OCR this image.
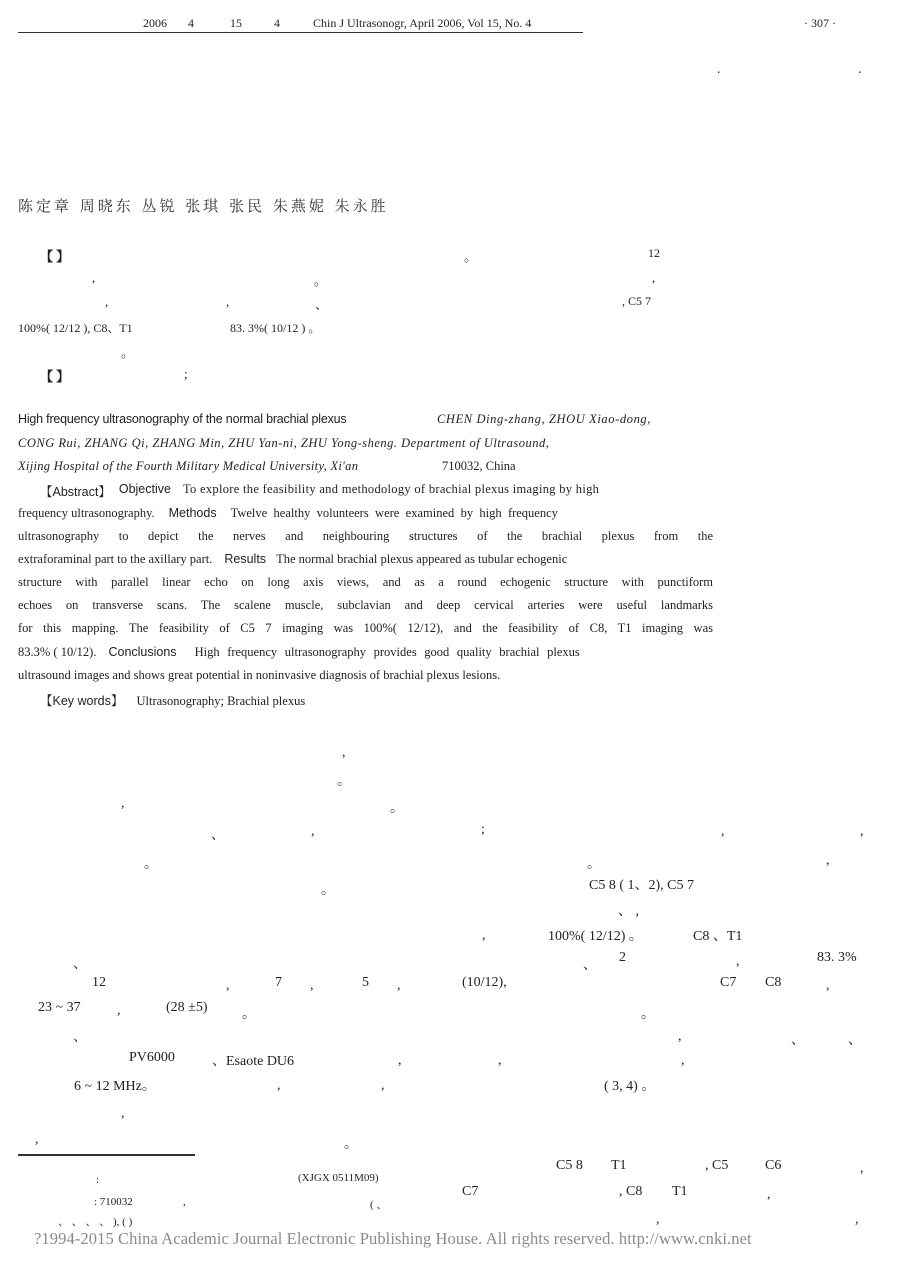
2006 4	15	4	Chin J Ultrasonogr, April 2006, Vol 15, No. 4	· 307 ·
.	.
陈定章 周晓东 丛锐 张琪 张民 朱燕妮 朱永胜
【 】	。	12
,	。	,
,	,	、	, C5 7
100%( 12/12 ), C8、T1	83. 3%( 10/12 ) 。
。
【 】	;
High frequency ultrasonography of the normal brachial plexus	CHEN Ding-zhang, ZHOU Xiao-dong,
CONG Rui, ZHANG Qi, ZHANG Min, ZHU Yan-ni, ZHU Yong-sheng. Department of Ultrasound,
Xijing Hospital of the Fourth Military Medical University, Xi'an	710032, China
【Abstract】 Objective To explore the feasibility and methodology of brachial plexus imaging by high
frequency ultrasonography. Methods Twelve healthy volunteers were examined by high frequency
ultrasonography to depict the nerves and neighbouring structures of the brachial plexus from the
extraforaminal part to the axillary part. Results The normal brachial plexus appeared as tubular echogenic
structure with parallel linear echo on long axis views, and as a round echogenic structure with punctiform
echoes on transverse scans. The scalene muscle, subclavian and deep cervical arteries were useful landmarks
for this mapping. The feasibility of C5 7 imaging was 100%( 12/12), and the feasibility of C8, T1 imaging was
83.3% ( 10/12). Conclusions High frequency ultrasonography provides good quality brachial plexus
ultrasound images and shows great potential in noninvasive diagnosis of brachial plexus lesions.
【Key words】 Ultrasonography; Brachial plexus
,
。
,	。
、	,	;
。
。
、
12	,	7 ,	5 ,
23 ~ 37	,	(28 ±5) 。
、
PV6000	、Esaote DU6	,	,
6 ~ 12 MHz。	,	,
,
,	。
,	,
。	,
C5 8 ( 1、2), C5 7
、 ,
,	100%( 12/12) 。	C8 、T1
、
2	,	83. 3%
(10/12),	C7 C8	,
。
,	、	、
,
( 3, 4) 。
C5 8 T1	, C5	C6	,
C7	, C8 T1	,
,	,
:	(XJGX 0511M09)
: 710032	,	( 、
、 、 、 、 ), ( )
?1994-2015 China Academic Journal Electronic Publishing House. All rights reserved. http://www.cnki.net
